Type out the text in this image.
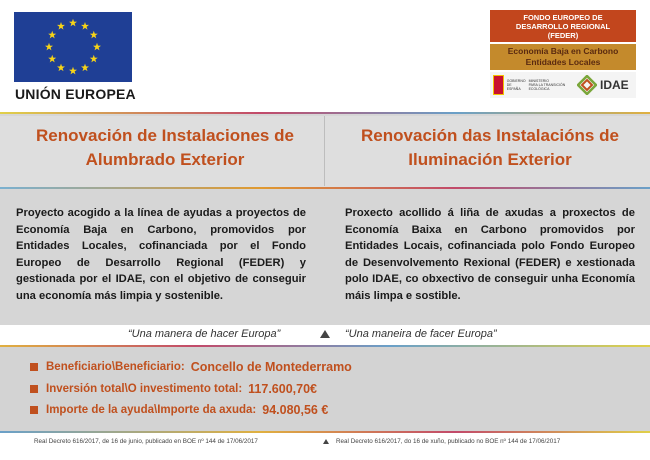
UNIÓN EUROPEA
FONDO EUROPEO DE
DESARROLLO REGIONAL
(FEDER)
Economía Baja en Carbono
Entidades Locales
GOBIERNO
DE ESPAÑA
MINISTERIO
PARA LA TRANSICIÓN ECOLÓGICA	IDAE
Renovación de Instalaciones de
Alumbrado Exterior
Renovación das Instalacións de
Iluminación Exterior
Proyecto acogido a la línea de ayudas a proyectos de Economía Baja en Carbono, promovidos por Entidades Locales, cofinanciada por el Fondo Europeo de Desarrollo Regional (FEDER) y gestionada por el IDAE, con el objetivo de conseguir una economía más limpia y sostenible.
Proxecto acollido á liña de axudas a proxectos de Economía Baixa en Carbono promovidos por Entidades Locais, cofinanciada polo Fondo Europeo de Desenvolvemento Rexional (FEDER) e xestionada polo IDAE, co obxectivo de conseguir unha Economía máis limpa e sostible.
“Una manera de hacer Europa”	“Una maneira de facer Europa”
Beneficiario\Beneficiario: Concello de Montederramo
Inversión total\O investimento total: 117.600,70€
Importe de la ayuda\Importe da axuda: 94.080,56 €
Real Decreto 616/2017, de 16 de junio, publicado en BOE nº 144 de 17/06/2017	Real Decreto 616/2017, do 16 de xuño, publicado no BOE nº 144 de 17/06/2017
